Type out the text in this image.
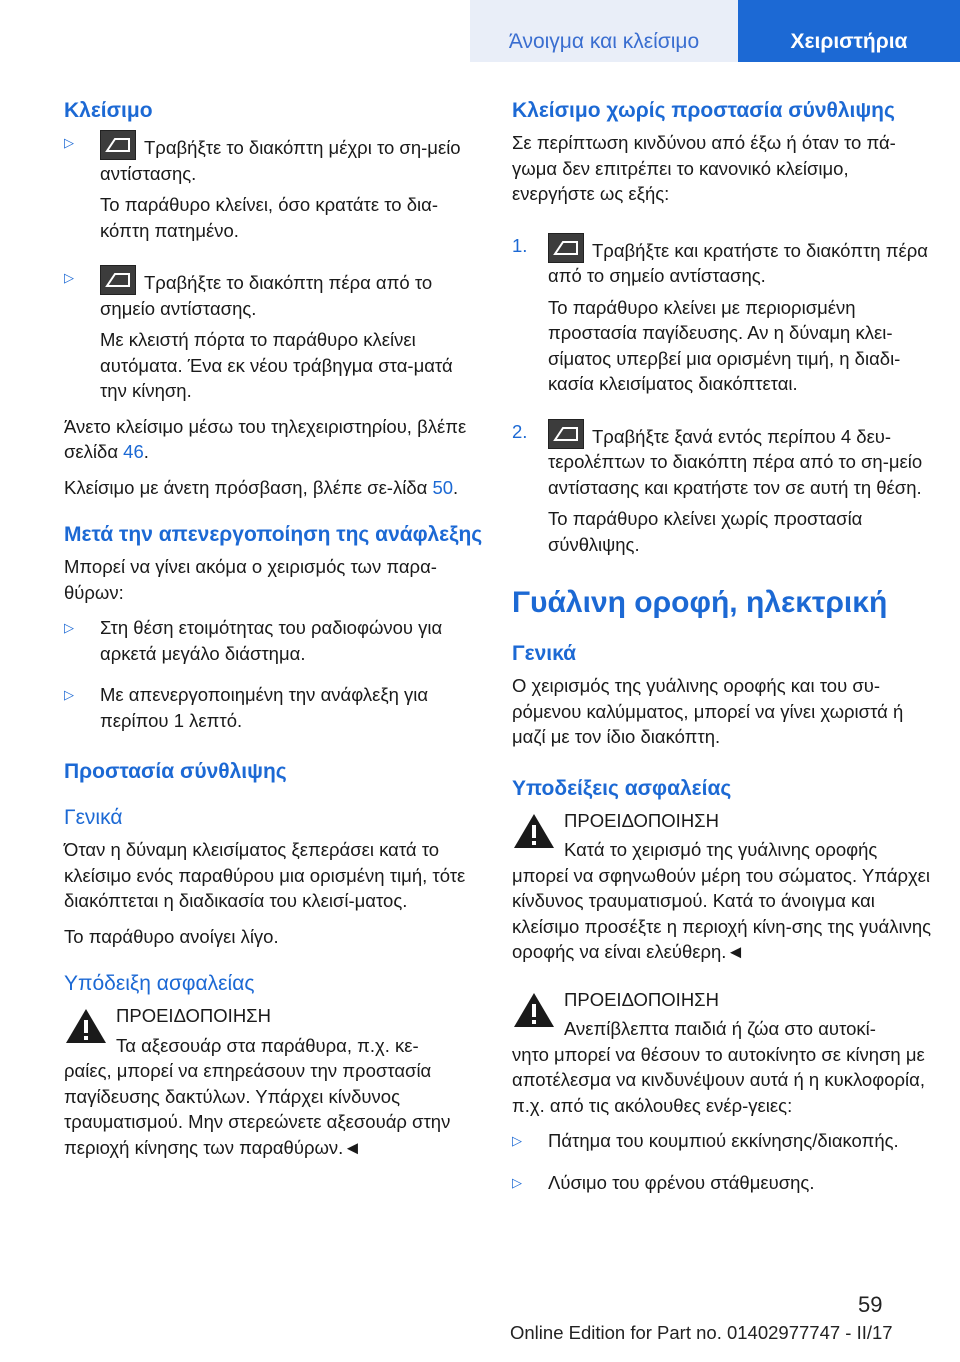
Άνοιγμα και κλείσιμο	Χειριστήρια
Κλείσιμο
▷	Τραβήξτε το διακόπτη μέχρι το ση‐μείο αντίστασης.

Το παράθυρο κλείνει, όσο κρατάτε το δια‐κόπτη πατημένο.

▷	Τραβήξτε το διακόπτη πέρα από το σημείο αντίστασης.

Με κλειστή πόρτα το παράθυρο κλείνει αυτόματα. Ένα εκ νέου τράβηγμα στα‐ματά την κίνηση.

Άνετο κλείσιμο μέσω του τηλεχειριστηρίου, βλέπε σελίδα 46.

Κλείσιμο με άνετη πρόσβαση, βλέπε σε‐λίδα 50.

Μετά την απενεργοποίηση της ανάφλεξης

Μπορεί να γίνει ακόμα ο χειρισμός των παρα‐θύρων:

▷ Στη θέση ετοιμότητας του ραδιοφώνου για αρκετά μεγάλο διάστημα.
▷ Με απενεργοποιημένη την ανάφλεξη για περίπου 1 λεπτό.
Προστασία σύνθλιψης
Γενικά

Όταν η δύναμη κλεισίματος ξεπεράσει κατά το κλείσιμο ενός παραθύρου μια ορισμένη τιμή, τότε διακόπτεται η διαδικασία του κλεισί‐ματος.

Το παράθυρο ανοίγει λίγο.

Υπόδειξη ασφαλείας
ΠΡΟΕΙΔΟΠΟΙΗΣΗ
Τα αξεσουάρ στα παράθυρα, π.χ. κε‐
ραίες, μπορεί να επηρεάσουν την προστασία παγίδευσης δακτύλων. Υπάρχει κίνδυνος τραυματισμού. Μην στερεώνετε αξεσουάρ στην περιοχή κίνησης των παραθύρων.◄
Κλείσιμο χωρίς προστασία σύνθλιψης

Σε περίπτωση κινδύνου από έξω ή όταν το πά‐γωμα δεν επιτρέπει το κανονικό κλείσιμο, ενεργήστε ως εξής:

1.	Τραβήξτε και κρατήστε το διακόπτη πέρα από το σημείο αντίστασης.

Το παράθυρο κλείνει με περιορισμένη προστασία παγίδευσης. Αν η δύναμη κλει‐σίματος υπερβεί μια ορισμένη τιμή, η διαδι‐κασία κλεισίματος διακόπτεται.

2.	Τραβήξτε ξανά εντός περίπου 4 δευ‐τερολέπτων το διακόπτη πέρα από το ση‐μείο αντίστασης και κρατήστε τον σε αυτή τη θέση.

Το παράθυρο κλείνει χωρίς προστασία σύνθλιψης.

Γυάλινη οροφή, ηλεκτρική
Γενικά

Ο χειρισμός της γυάλινης οροφής και του συ‐ρόμενου καλύμματος, μπορεί να γίνει χωριστά ή μαζί με τον ίδιο διακόπτη.

Υποδείξεις ασφαλείας
ΠΡΟΕΙΔΟΠΟΙΗΣΗ
Κατά το χειρισμό της γυάλινης οροφής
μπορεί να σφηνωθούν μέρη του σώματος. Υπάρχει κίνδυνος τραυματισμού. Κατά το άνοιγμα και κλείσιμο προσέξτε η περιοχή κίνη‐σης της γυάλινης οροφής να είναι ελεύθερη.◄
ΠΡΟΕΙΔΟΠΟΙΗΣΗ
Ανεπίβλεπτα παιδιά ή ζώα στο αυτοκί‐
νητο μπορεί να θέσουν το αυτοκίνητο σε κίνηση με αποτέλεσμα να κινδυνέψουν αυτά ή η κυκλοφορία, π.χ. από τις ακόλουθες ενέρ‐γειες:
▷ Πάτημα του κουμπιού εκκίνησης/διακοπής.
▷ Λύσιμο του φρένου στάθμευσης.
59
Online Edition for Part no. 01402977747 - II/17
